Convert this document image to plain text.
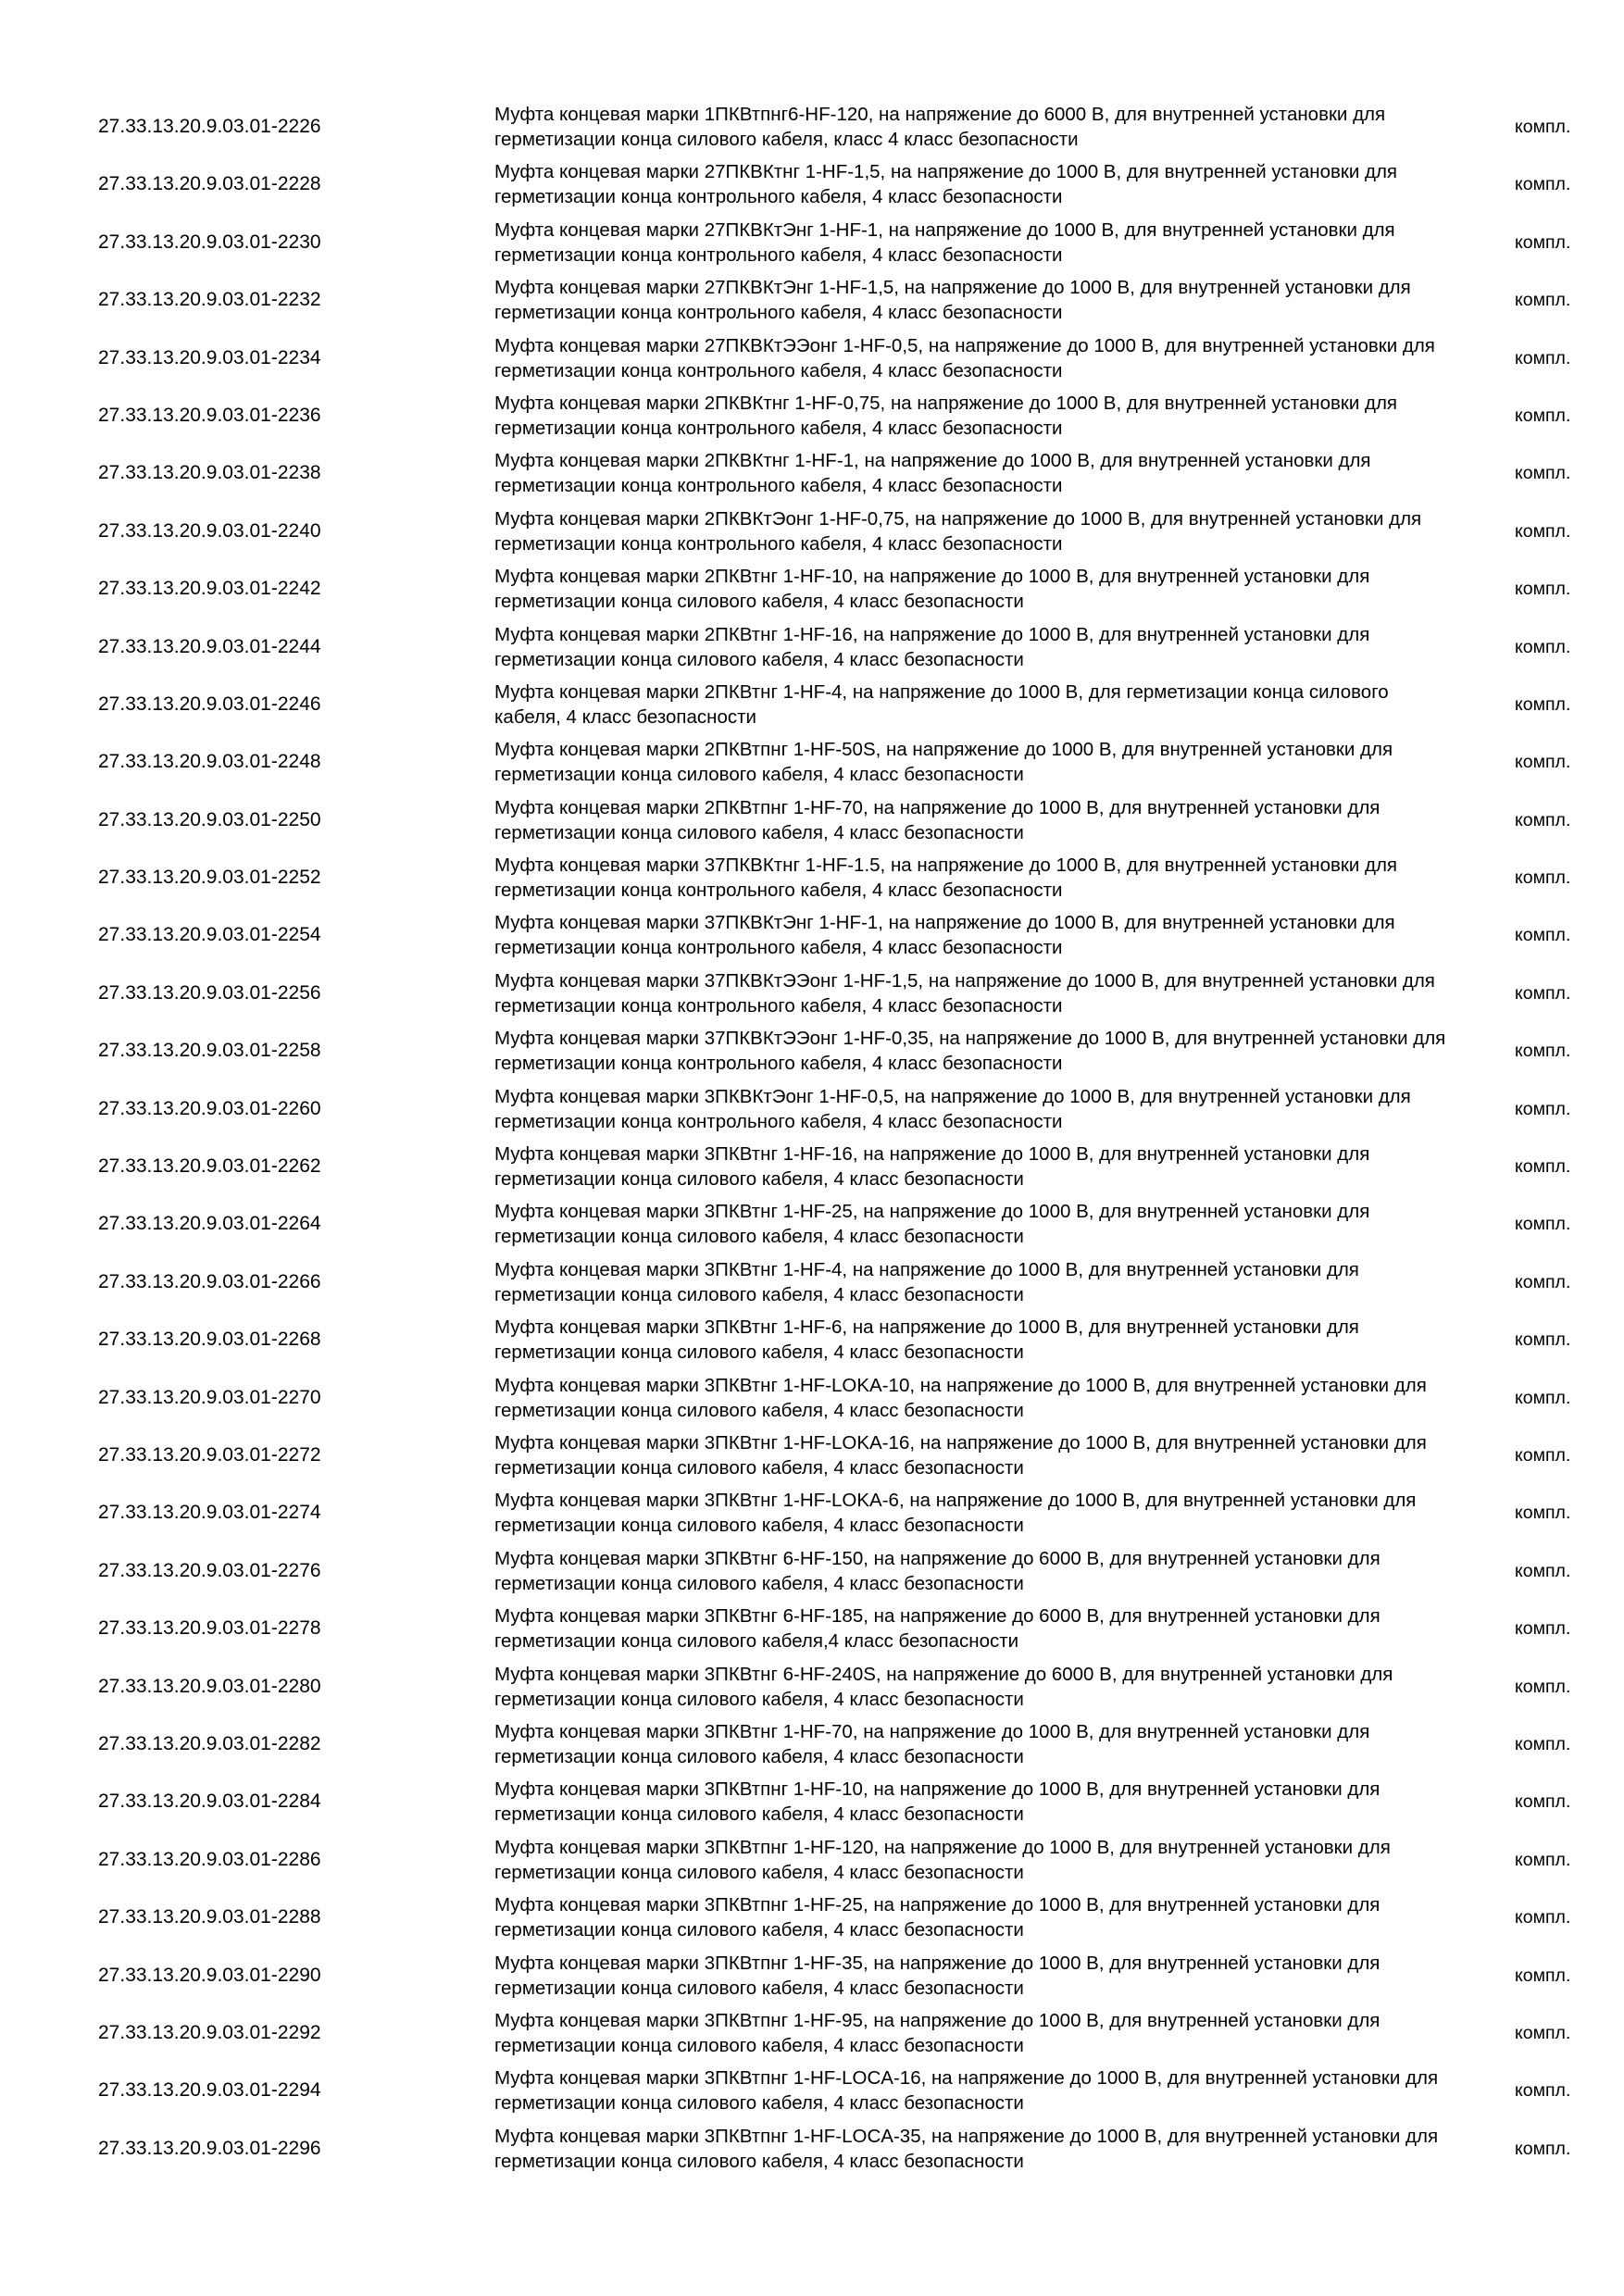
27.33.13.20.9.03.01-2226
Муфта концевая марки 1ПКВтпнг6-HF-120, на напряжение до 6000 В, для внутренней установки для герметизации конца силового кабеля, класс 4 класс безопасности
компл.
27.33.13.20.9.03.01-2228
Муфта концевая марки 27ПКВКтнг 1-HF-1,5, на напряжение до 1000 В, для внутренней установки для герметизации конца контрольного кабеля, 4 класс безопасности
компл.
27.33.13.20.9.03.01-2230
Муфта концевая марки 27ПКВКтЭнг 1-HF-1, на напряжение до 1000 В, для внутренней установки для герметизации конца контрольного кабеля, 4 класс безопасности
компл.
27.33.13.20.9.03.01-2232
Муфта концевая марки 27ПКВКтЭнг 1-HF-1,5, на напряжение до 1000 В, для внутренней установки для герметизации конца контрольного кабеля, 4 класс безопасности
компл.
27.33.13.20.9.03.01-2234
Муфта концевая марки 27ПКВКтЭЭонг 1-HF-0,5, на напряжение до 1000 В, для внутренней установки для герметизации конца контрольного кабеля, 4 класс безопасности
компл.
27.33.13.20.9.03.01-2236
Муфта концевая марки 2ПКВКтнг 1-HF-0,75, на напряжение до 1000 В, для внутренней установки для герметизации конца контрольного кабеля, 4 класс безопасности
компл.
27.33.13.20.9.03.01-2238
Муфта концевая марки 2ПКВКтнг 1-HF-1, на напряжение до 1000 В, для внутренней установки для герметизации конца контрольного кабеля, 4 класс безопасности
компл.
27.33.13.20.9.03.01-2240
Муфта концевая марки 2ПКВКтЭонг 1-HF-0,75, на напряжение до 1000 В, для внутренней установки для герметизации конца контрольного кабеля, 4 класс безопасности
компл.
27.33.13.20.9.03.01-2242
Муфта концевая марки 2ПКВтнг 1-HF-10, на напряжение до 1000 В, для внутренней установки для герметизации конца силового кабеля, 4 класс безопасности
компл.
27.33.13.20.9.03.01-2244
Муфта концевая марки 2ПКВтнг 1-HF-16, на напряжение до 1000 В, для внутренней установки для герметизации конца силового кабеля, 4 класс безопасности
компл.
27.33.13.20.9.03.01-2246
Муфта концевая марки 2ПКВтнг 1-HF-4, на напряжение до 1000 В, для герметизации конца силового кабеля, 4 класс безопасности
компл.
27.33.13.20.9.03.01-2248
Муфта концевая марки 2ПКВтпнг 1-HF-50S, на напряжение до 1000 В, для внутренней установки для герметизации конца силового кабеля, 4 класс безопасности
компл.
27.33.13.20.9.03.01-2250
Муфта концевая марки 2ПКВтпнг 1-HF-70, на напряжение до 1000 В, для внутренней установки для герметизации конца силового кабеля, 4 класс безопасности
компл.
27.33.13.20.9.03.01-2252
Муфта концевая марки 37ПКВКтнг 1-HF-1.5, на напряжение до 1000 В, для внутренней установки для герметизации конца контрольного кабеля, 4 класс безопасности
компл.
27.33.13.20.9.03.01-2254
Муфта концевая марки 37ПКВКтЭнг 1-HF-1, на напряжение до 1000 В, для внутренней установки для герметизации конца контрольного кабеля, 4 класс безопасности
компл.
27.33.13.20.9.03.01-2256
Муфта концевая марки 37ПКВКтЭЭонг 1-HF-1,5, на напряжение до 1000 В, для внутренней установки для герметизации конца контрольного кабеля, 4 класс безопасности
компл.
27.33.13.20.9.03.01-2258
Муфта концевая марки 37ПКВКтЭЭонг 1-HF-0,35, на напряжение до 1000 В, для внутренней установки для герметизации конца контрольного кабеля, 4 класс безопасности
компл.
27.33.13.20.9.03.01-2260
Муфта концевая марки 3ПКВКтЭонг 1-HF-0,5, на напряжение до 1000 В, для внутренней установки для герметизации конца контрольного кабеля, 4 класс безопасности
компл.
27.33.13.20.9.03.01-2262
Муфта концевая марки 3ПКВтнг 1-HF-16, на напряжение до 1000 В, для внутренней установки для герметизации конца силового кабеля, 4 класс безопасности
компл.
27.33.13.20.9.03.01-2264
Муфта концевая марки 3ПКВтнг 1-HF-25, на напряжение до 1000 В, для внутренней установки для герметизации конца силового кабеля, 4 класс безопасности
компл.
27.33.13.20.9.03.01-2266
Муфта концевая марки 3ПКВтнг 1-HF-4, на напряжение до 1000 В, для внутренней установки для герметизации конца силового кабеля, 4 класс безопасности
компл.
27.33.13.20.9.03.01-2268
Муфта концевая марки 3ПКВтнг 1-HF-6, на напряжение до 1000 В, для внутренней установки для герметизации конца силового кабеля, 4 класс безопасности
компл.
27.33.13.20.9.03.01-2270
Муфта концевая марки 3ПКВтнг 1-HF-LOKA-10, на напряжение до 1000 В, для внутренней установки для герметизации конца силового кабеля, 4 класс безопасности
компл.
27.33.13.20.9.03.01-2272
Муфта концевая марки 3ПКВтнг 1-HF-LOKA-16, на напряжение до 1000 В, для внутренней установки для герметизации конца силового кабеля, 4 класс безопасности
компл.
27.33.13.20.9.03.01-2274
Муфта концевая марки 3ПКВтнг 1-HF-LOKA-6, на напряжение до 1000 В, для внутренней установки для герметизации конца силового кабеля, 4 класс безопасности
компл.
27.33.13.20.9.03.01-2276
Муфта концевая марки 3ПКВтнг 6-HF-150, на напряжение до 6000 В, для внутренней установки для герметизации конца силового кабеля, 4 класс безопасности
компл.
27.33.13.20.9.03.01-2278
Муфта концевая марки 3ПКВтнг 6-HF-185, на напряжение до 6000 В, для внутренней установки для герметизации конца силового кабеля,4 класс безопасности
компл.
27.33.13.20.9.03.01-2280
Муфта концевая марки 3ПКВтнг 6-HF-240S, на напряжение до 6000 В, для внутренней установки для герметизации конца силового кабеля, 4 класс безопасности
компл.
27.33.13.20.9.03.01-2282
Муфта концевая марки 3ПКВтнг 1-HF-70, на напряжение до 1000 В, для внутренней установки для герметизации конца силового кабеля, 4 класс безопасности
компл.
27.33.13.20.9.03.01-2284
Муфта концевая марки 3ПКВтпнг 1-HF-10, на напряжение до 1000 В, для внутренней установки для герметизации конца силового кабеля, 4 класс безопасности
компл.
27.33.13.20.9.03.01-2286
Муфта концевая марки 3ПКВтпнг 1-HF-120, на напряжение до 1000 В, для внутренней установки для герметизации конца силового кабеля, 4 класс безопасности
компл.
27.33.13.20.9.03.01-2288
Муфта концевая марки 3ПКВтпнг 1-HF-25, на напряжение до 1000 В, для внутренней установки для герметизации конца силового кабеля, 4 класс безопасности
компл.
27.33.13.20.9.03.01-2290
Муфта концевая марки 3ПКВтпнг 1-HF-35, на напряжение до 1000 В, для внутренней установки для герметизации конца силового кабеля, 4 класс безопасности
компл.
27.33.13.20.9.03.01-2292
Муфта концевая марки 3ПКВтпнг 1-HF-95, на напряжение до 1000 В, для внутренней установки для герметизации конца силового кабеля, 4 класс безопасности
компл.
27.33.13.20.9.03.01-2294
Муфта концевая марки 3ПКВтпнг 1-HF-LOCA-16, на напряжение до 1000 В, для внутренней установки для герметизации конца силового кабеля, 4 класс безопасности
компл.
27.33.13.20.9.03.01-2296
Муфта концевая марки 3ПКВтпнг 1-HF-LOCA-35, на напряжение до 1000 В, для внутренней установки для герметизации конца силового кабеля, 4 класс безопасности
компл.
